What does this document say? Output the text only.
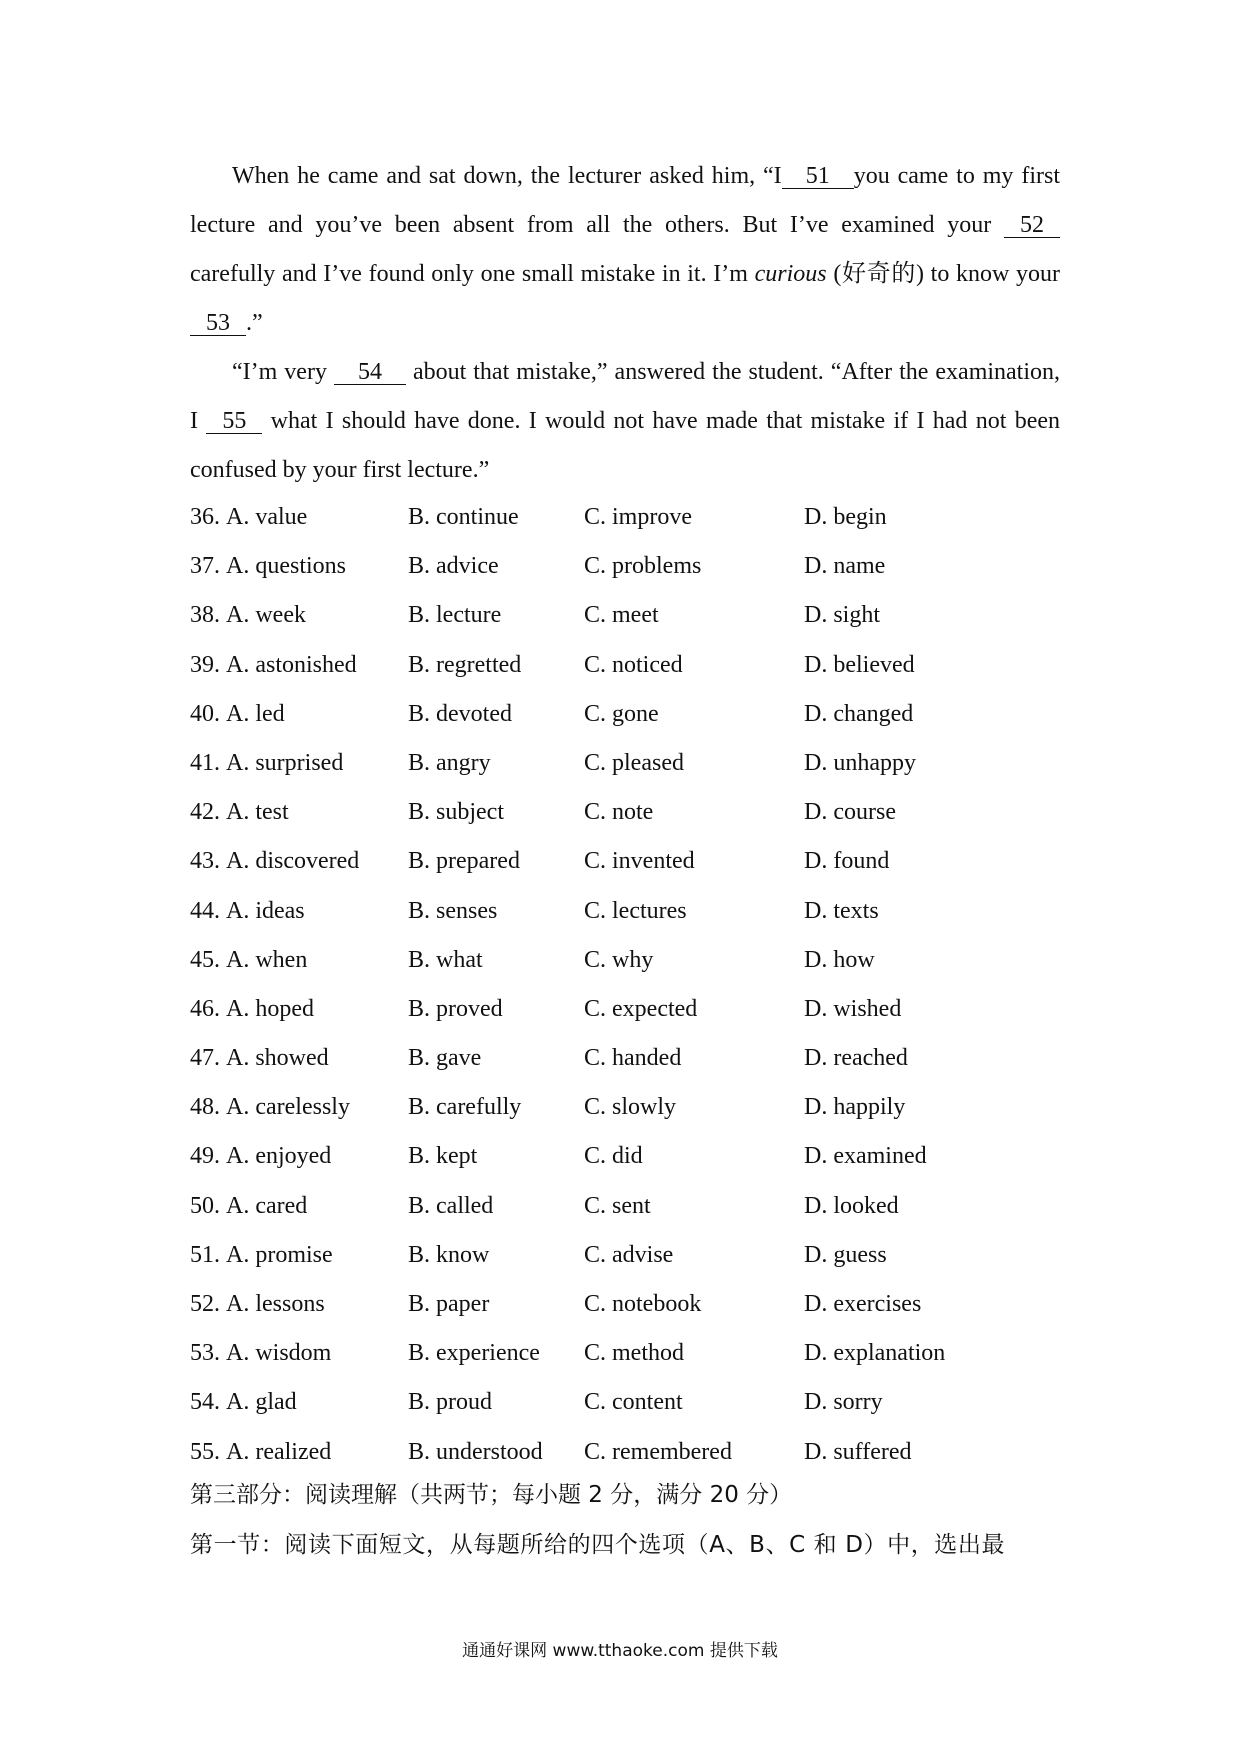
When he came and sat down, the lecturer asked him, “I 51 you came to my first lecture and you’ve been absent from all the others. But I’ve examined your 52 carefully and I’ve found only one small mistake in it. I’m curious (好奇的) to know your 53 .”

“I’m very 54 about that mistake,” answered the student. “After the examination, I 55 what I should have done. I would not have made that mistake if I had not been confused by your first lecture.”

36. A. value	B. continue	C. improve	D. begin
37. A. questions	B. advice	C. problems	D. name
38. A. week	B. lecture	C. meet	D. sight
39. A. astonished B. regretted	C. noticed	D. believed
40. A. led	B. devoted	C. gone	D. changed
41. A. surprised	B. angry	C. pleased	D. unhappy
42. A. test	B. subject	C. note	D. course
43. A. discovered B. prepared	C. invented	D. found
44. A. ideas	B. senses	C. lectures	D. texts
45. A. when	B. what	C. why	D. how
46. A. hoped	B. proved	C. expected	D. wished
47. A. showed	B. gave	C. handed	D. reached
48. A. carelessly B. carefully	C. slowly	D. happily
49. A. enjoyed	B. kept	C. did	D. examined
50. A. cared	B. called	C. sent	D. looked
51. A. promise	B. know	C. advise	D. guess
52. A. lessons	B. paper	C. notebook	D. exercises
53. A. wisdom	B. experience C. method	D. explanation
54. A. glad	B. proud	C. content	D. sorry
55. A. realized	B. understood C. remembered	D. suffered
第三部分：阅读理解（共两节；每小题 2 分，满分 20 分）
第一节：阅读下面短文，从每题所给的四个选项（A、B、C 和 D）中，选出最
通通好课网 www.tthaoke.com 提供下载
